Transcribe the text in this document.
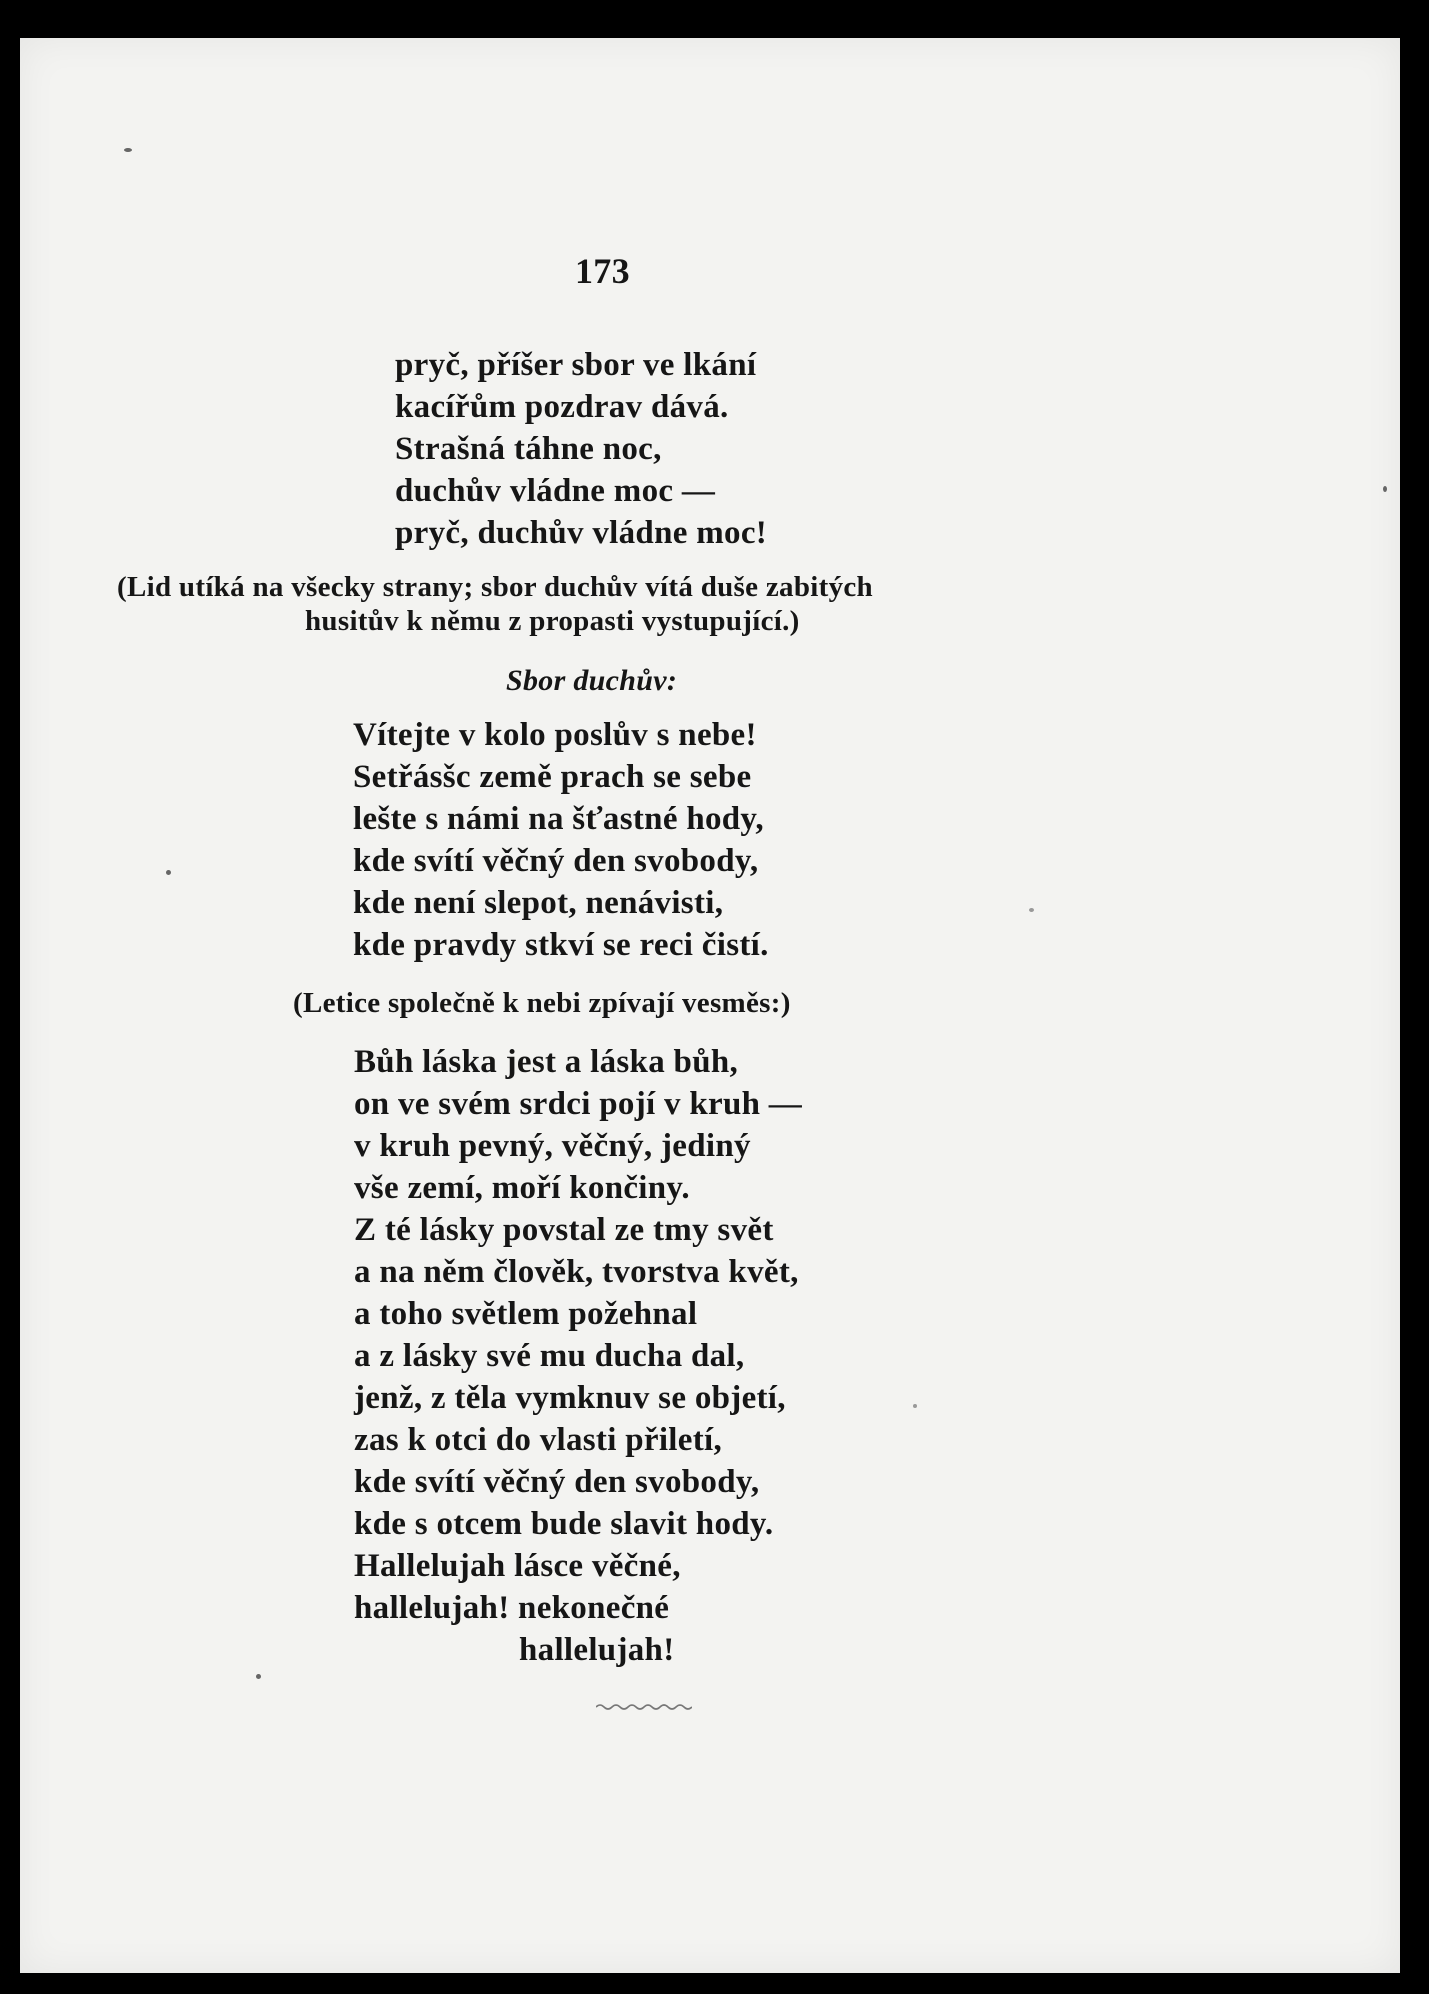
173
pryč, příšer sbor ve lkání
kacířům pozdrav dává.
Strašná táhne noc,
duchův vládne moc —
pryč, duchův vládne moc!
(Lid utíká na všecky strany; sbor duchův vítá duše zabitých
husitův k němu z propasti vystupující.)
Sbor duchův:
Vítejte v kolo poslův s nebe!
Setřásšc země prach se sebe
lešte s námi na šťastné hody,
kde svítí věčný den svobody,
kde není slepot, nenávisti,
kde pravdy stkví se reci čistí.
(Letice společně k nebi zpívají vesměs:)
Bůh láska jest a láska bůh,
on ve svém srdci pojí v kruh —
v kruh pevný, věčný, jediný
vše zemí, moří končiny.
Z té lásky povstal ze tmy svět
a na něm člověk, tvorstva květ,
a toho světlem požehnal
a z lásky své mu ducha dal,
jenž, z těla vymknuv se objetí,
zas k otci do vlasti přiletí,
kde svítí věčný den svobody,
kde s otcem bude slavit hody.
Hallelujah lásce věčné,
hallelujah! nekonečné
hallelujah!
